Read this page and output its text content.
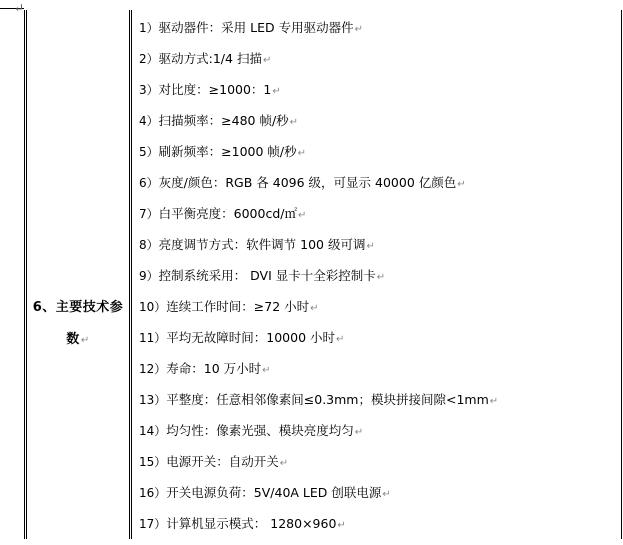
↵
6、主要技术参
数↵
1）驱动器件：采用 LED 专用驱动器件↵
2）驱动方式:1/4 扫描↵
3）对比度：≥1000：1↵
4）扫描频率：≥480 帧/秒↵
5）刷新频率：≥1000 帧/秒↵
6）灰度/颜色：RGB 各 4096 级，可显示 40000 亿颜色↵
7）白平衡亮度：6000cd/㎡↵
8）亮度调节方式：软件调节 100 级可调↵
9）控制系统采用： DVI 显卡十全彩控制卡↵
10）连续工作时间：≥72 小时↵
11）平均无故障时间：10000 小时↵
12）寿命：10 万小时↵
13）平整度：任意相邻像素间≤0.3mm；模块拼接间隙<1mm↵
14）均匀性：像素光强、模块亮度均匀↵
15）电源开关：自动开关↵
16）开关电源负荷：5V/40A LED 创联电源↵
17）计算机显示模式： 1280×960↵
